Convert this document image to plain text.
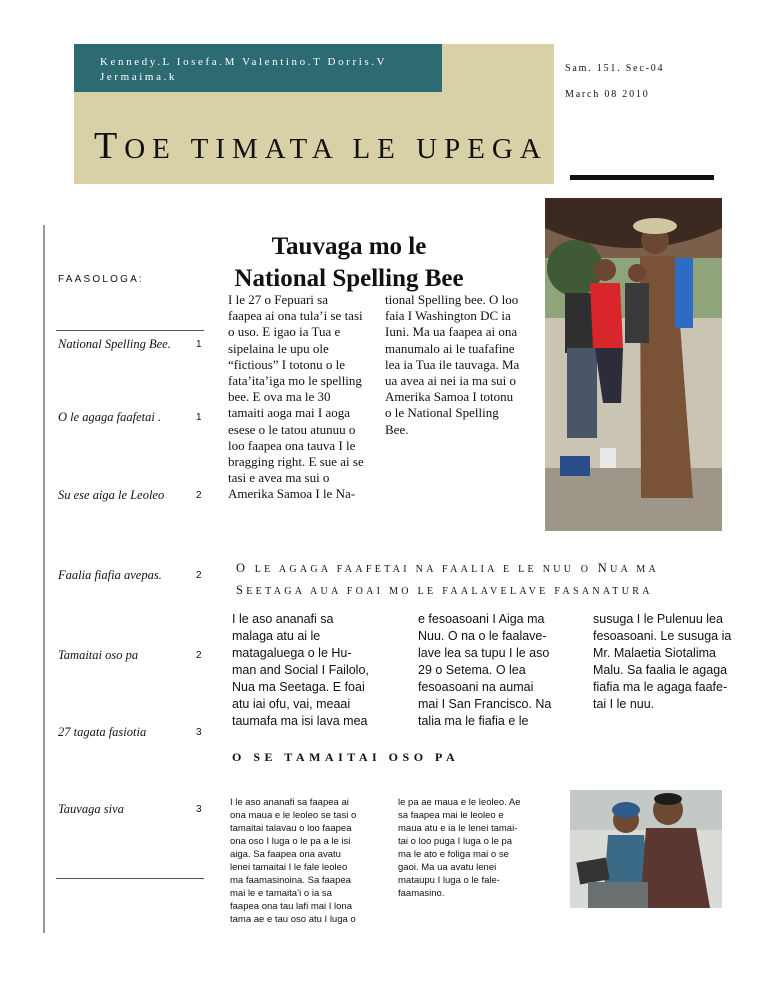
Kennedy.L Iosefa.M Valentino.T Dorris.V
Jermaima.k
Sam. 151. Sec-04
March 08 2010
TOE TIMATA LE UPEGA
FAASOLOGA:
National Spelling Bee.	1
O le agaga faafetai .	1
Su ese aiga le Leoleo	2
Faalia fiafia avepas.	2
Tamaitai oso pa	2
27 tagata fasiotia	3
Tauvaga siva	3
Tauvaga mo le
National Spelling Bee
I le 27 o Fepuari sa
faapea ai ona tula’i se tasi
o uso. E igao ia Tua e
sipelaina le upu ole
“fictious” I totonu o le
fata’ita’iga mo le spelling
bee. E ova ma le 30
tamaiti aoga mai I aoga
esese o le tatou atunuu o
loo faapea ona tauva I le
bragging right. E sue ai se
tasi e avea ma sui o
Amerika Samoa I le Na-
tional Spelling bee. O loo
faia I Washington DC ia
Iuni. Ma ua faapea ai ona
manumalo ai le tuafafine
lea ia Tua ile tauvaga. Ma
ua avea ai nei ia ma sui o
Amerika Samoa I totonu
o le National Spelling
Bee.
O LE AGAGA FAAFETAI NA FAALIA E LE NUU O NUA MA
SEETAGA AUA FOAI MO LE FAALAVELAVE FASANATURA
I le aso ananafi sa
malaga atu ai le
matagaluega o le Hu-
man and Social I Failolo,
Nua ma Seetaga. E foai
atu iai ofu, vai, meaai
taumafa ma isi lava mea
e fesoasoani I Aiga ma
Nuu. O na o le faalave-
lave lea sa tupu I le aso
29 o Setema. O lea
fesoasoani na aumai
mai I San Francisco. Na
talia ma le fiafia e le
susuga I le Pulenuu lea
fesoasoani. Le susuga ia
Mr. Malaetia Siotalima
Malu. Sa faalia le agaga
fiafia ma le agaga faafe-
tai I le nuu.
O SE TAMAITAI OSO PA
I le aso ananafi sa faapea ai
ona maua e le leoleo se tasi o
tamaitai talavau o loo faapea
ona oso I luga o le pa a le isi
aiga. Sa faapea ona avatu
lenei tamaitai I le fale leoleo
ma faamasinoina. Sa faapea
mai le e tamaita’i o ia sa
faapea ona tau lafi mai I lona
tama ae e tau oso atu I luga o
le pa ae maua e le leoleo. Ae
sa faapea mai le leoleo e
maua atu e ia le lenei tamai-
tai o loo puga I luga o le pa
ma le ato e foliga mai o se
gaoi. Ma ua avatu lenei
mataupu I luga o le fale-
faamasino.
